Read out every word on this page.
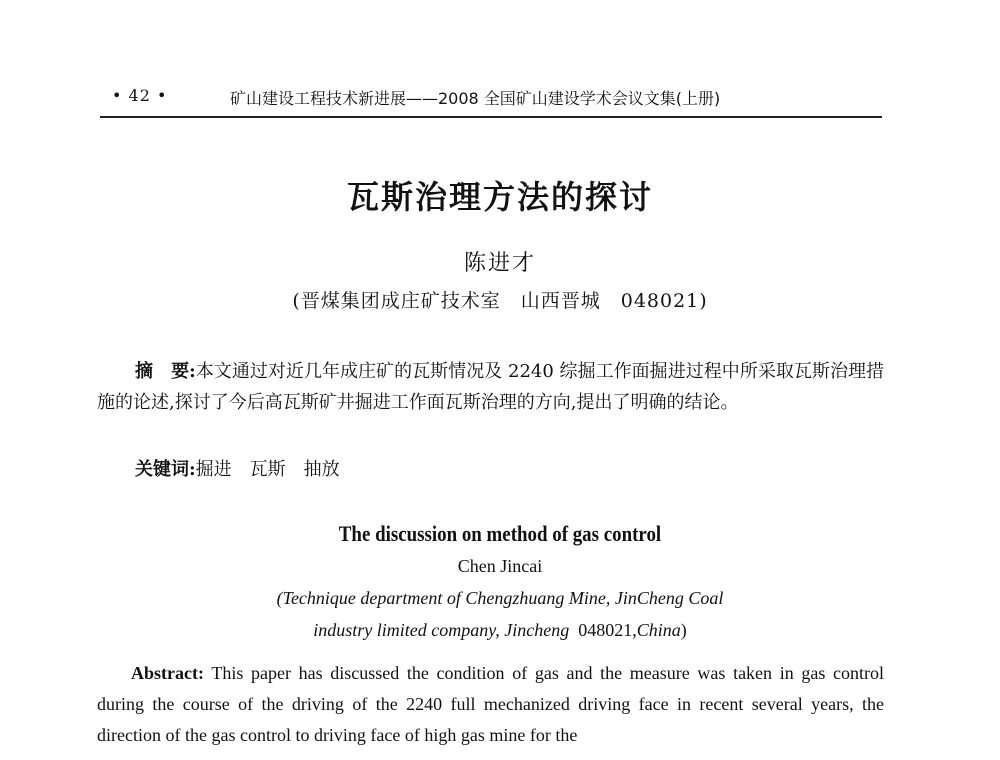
• 42 •	矿山建设工程技术新进展——2008 全国矿山建设学术会议文集(上册)
瓦斯治理方法的探讨
陈进才
(晋煤集团成庄矿技术室　山西晋城　048021)
摘　要:本文通过对近几年成庄矿的瓦斯情况及 2240 综掘工作面掘进过程中所采取瓦斯治理措施的论述,探讨了今后高瓦斯矿井掘进工作面瓦斯治理的方向,提出了明确的结论。
关键词:掘进 瓦斯 抽放
The discussion on method of gas control
Chen Jincai
(Technique department of Chengzhuang Mine, JinCheng Coal
industry limited company, Jincheng 048021,China)
Abstract: This paper has discussed the condition of gas and the measure was taken in gas control during the course of the driving of the 2240 full mechanized driving face in recent several years, the direction of the gas control to driving face of high gas mine for the
